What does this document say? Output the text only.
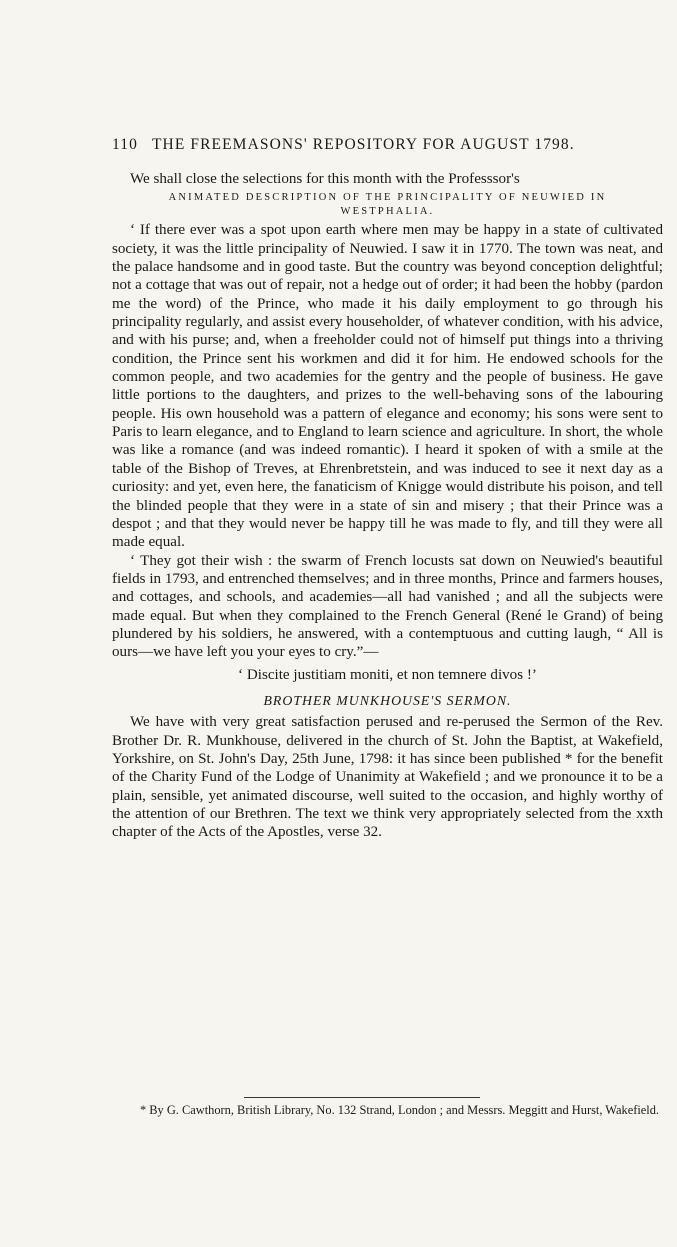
110 THE FREEMASONS' REPOSITORY FOR AUGUST 1798.

We shall close the selections for this month with the Professsor's

ANIMATED DESCRIPTION OF THE PRINCIPALITY OF NEUWIED IN

WESTPHALIA.

‘ If there ever was a spot upon earth where men may be happy in a state of cultivated society, it was the little principality of Neuwied. I saw it in 1770. The town was neat, and the palace handsome and in good taste. But the country was beyond conception delightful; not a cottage that was out of repair, not a hedge out of order; it had been the hobby (pardon me the word) of the Prince, who made it his daily employment to go through his principality regularly, and assist every householder, of whatever condition, with his advice, and with his purse; and, when a freeholder could not of himself put things into a thriving condition, the Prince sent his workmen and did it for him. He endowed schools for the common people, and two academies for the gentry and the people of business. He gave little portions to the daughters, and prizes to the well-behaving sons of the labouring people. His own household was a pattern of elegance and economy; his sons were sent to Paris to learn elegance, and to England to learn science and agriculture. In short, the whole was like a romance (and was indeed romantic). I heard it spoken of with a smile at the table of the Bishop of Treves, at Ehrenbretstein, and was induced to see it next day as a curiosity: and yet, even here, the fanaticism of Knigge would distribute his poison, and tell the blinded people that they were in a state of sin and misery ; that their Prince was a despot ; and that they would never be happy till he was made to fly, and till they were all made equal.

‘ They got their wish : the swarm of French locusts sat down on Neuwied's beautiful fields in 1793, and entrenched themselves; and in three months, Prince and farmers houses, and cottages, and schools, and academies—all had vanished ; and all the subjects were made equal. But when they complained to the French General (René le Grand) of being plundered by his soldiers, he answered, with a contemptuous and cutting laugh, “ All is ours—we have left you your eyes to cry.”—

‘ Discite justitiam moniti, et non temnere divos !’

BROTHER MUNKHOUSE'S SERMON.

We have with very great satisfaction perused and re-perused the Sermon of the Rev. Brother Dr. R. Munkhouse, delivered in the church of St. John the Baptist, at Wakefield, Yorkshire, on St. John's Day, 25th June, 1798: it has since been published * for the benefit of the Charity Fund of the Lodge of Unanimity at Wakefield ; and we pronounce it to be a plain, sensible, yet animated discourse, well suited to the occasion, and highly worthy of the attention of our Brethren. The text we think very appropriately selected from the xxth chapter of the Acts of the Apostles, verse 32.

* By G. Cawthorn, British Library, No. 132 Strand, London ; and Messrs. Meggitt and Hurst, Wakefield.
